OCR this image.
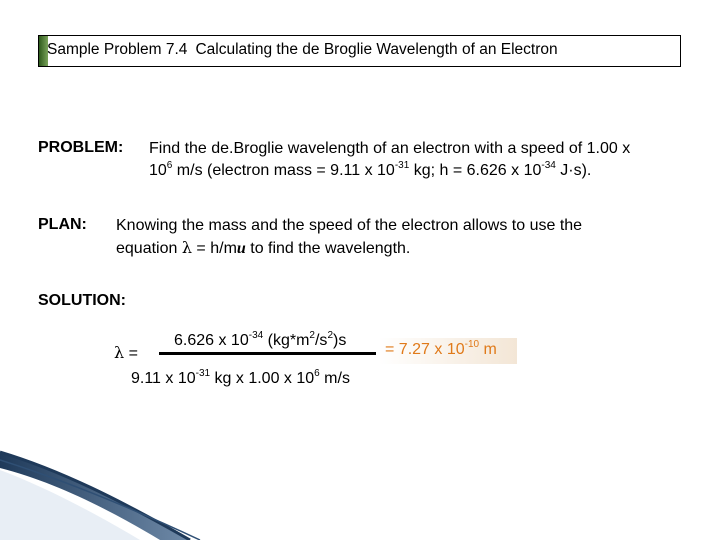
Sample Problem 7.4 Calculating the de Broglie Wavelength of an Electron
PROBLEM: Find the de.Broglie wavelength of an electron with a speed of 1.00 x
$10^6$ m/s (electron mass = 9.11 x $10^{-31}$ kg; h = 6.626 x $10^{-34}$ J·s).
PLAN: Knowing the mass and the speed of the electron allows to use the
equation λ = h/mu to find the wavelength.
SOLUTION:
λ =
6.626 x $10^{-34}$ $(kg*m^2/s^2)s$
9.11 x $10^{-31}$ kg x 1.00 x $10^6$ m/s
= 7.27 x $10^{-10}$ m
